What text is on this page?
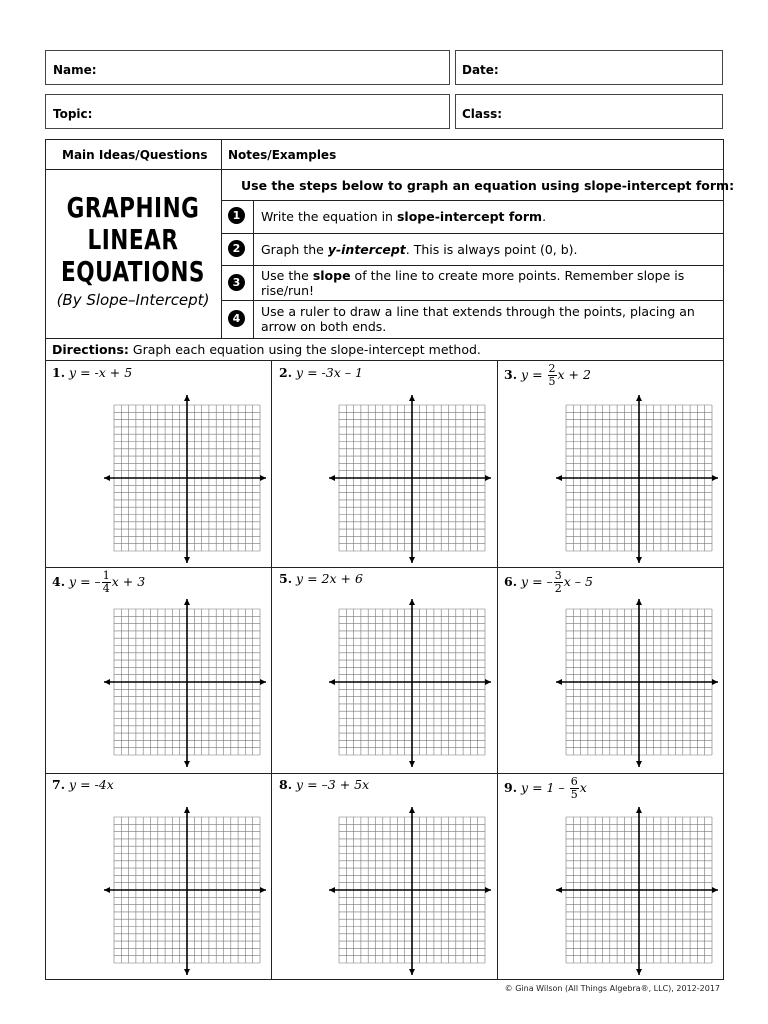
Name:	Date:
Topic:	Class:
Main Ideas/Questions Notes/Examples
GRAPHING
LINEAR
EQUATIONS
(By Slope–Intercept)
Use the steps below to graph an equation using slope-intercept form:
1	Write the equation in slope-intercept form.
2	Graph the y-intercept. This is always point (0, b).
3	Use the slope of the line to create more points. Remember slope is rise/run!
4	Use a ruler to draw a line that extends through the points, placing an arrow on both ends.
Directions: Graph each equation using the slope-intercept method.
1. y = -x + 5	2. y = -3x – 1	3. $y = \frac{2}{5}$ x + 2
4. y = – $\frac{1}{4}$ x + 3	5. y = 2x + 6	6. y = – $\frac{3}{2}$ x – 5
7. y = -4x	8. y = –3 + 5x	9. $y = 1 - \frac{6}{5}$ x
© Gina Wilson (All Things Algebra®, LLC), 2012-2017
